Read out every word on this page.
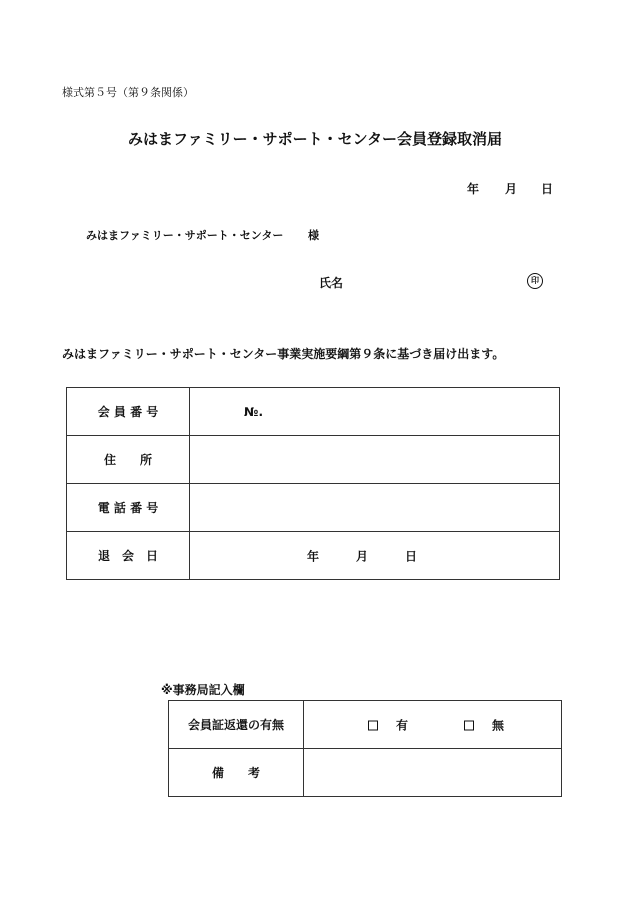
様式第５号（第９条関係）
みはまファミリー・サポート・センター会員登録取消届
年 月 日
みはまファミリー・サポート・センター 様
氏名	印
みはまファミリー・サポート・センター事業実施要綱第９条に基づき届け出ます。
会 員 番 号	№.

住　　所	
電 話 番 号	
退　会　日	年 月 日
※事務局記入欄
会員証返還の有無	有 無

備　　考	
